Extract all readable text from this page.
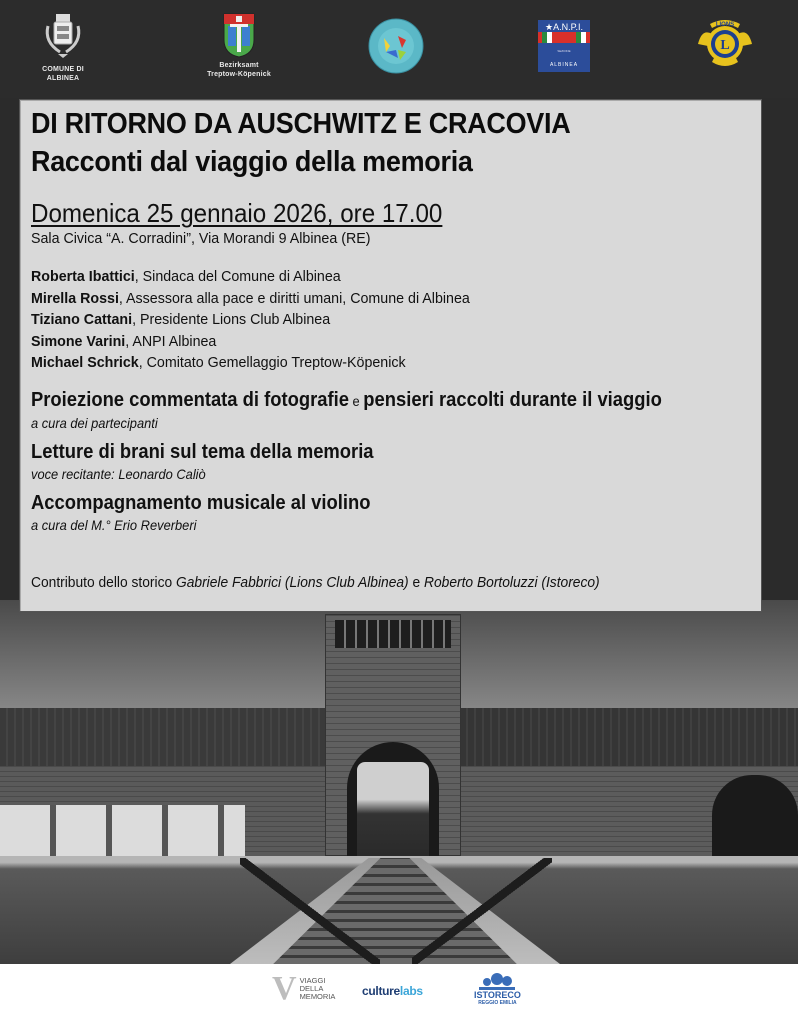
COMUNE DI ALBINEA
Bezirksamt
Treptow-Köpenick
★A.N.P.I.
SEZIONE
ALBINEA
L
LIONS
DI RITORNO DA AUSCHWITZ E CRACOVIA
Racconti dal viaggio della memoria
Domenica 25 gennaio 2026, ore 17.00
Sala Civica “A. Corradini”, Via Morandi 9 Albinea (RE)
Roberta Ibattici, Sindaca del Comune di Albinea
Mirella Rossi, Assessora alla pace e diritti umani, Comune di Albinea
Tiziano Cattani, Presidente Lions Club Albinea
Simone Varini, ANPI Albinea
Michael Schrick, Comitato Gemellaggio Treptow-Köpenick
Proiezione commentata di fotografie e pensieri raccolti durante il viaggio
a cura dei partecipanti
Letture di brani sul tema della memoria
voce recitante: Leonardo Caliò
Accompagnamento musicale al violino
a cura del M.° Erio Reverberi
Contributo dello storico Gabriele Fabbrici (Lions Club Albinea) e Roberto Bortoluzzi (Istoreco)
V VIAGGI
DELLA
MEMORIA
culturelabs	ISTORECO
REGGIO EMILIA
